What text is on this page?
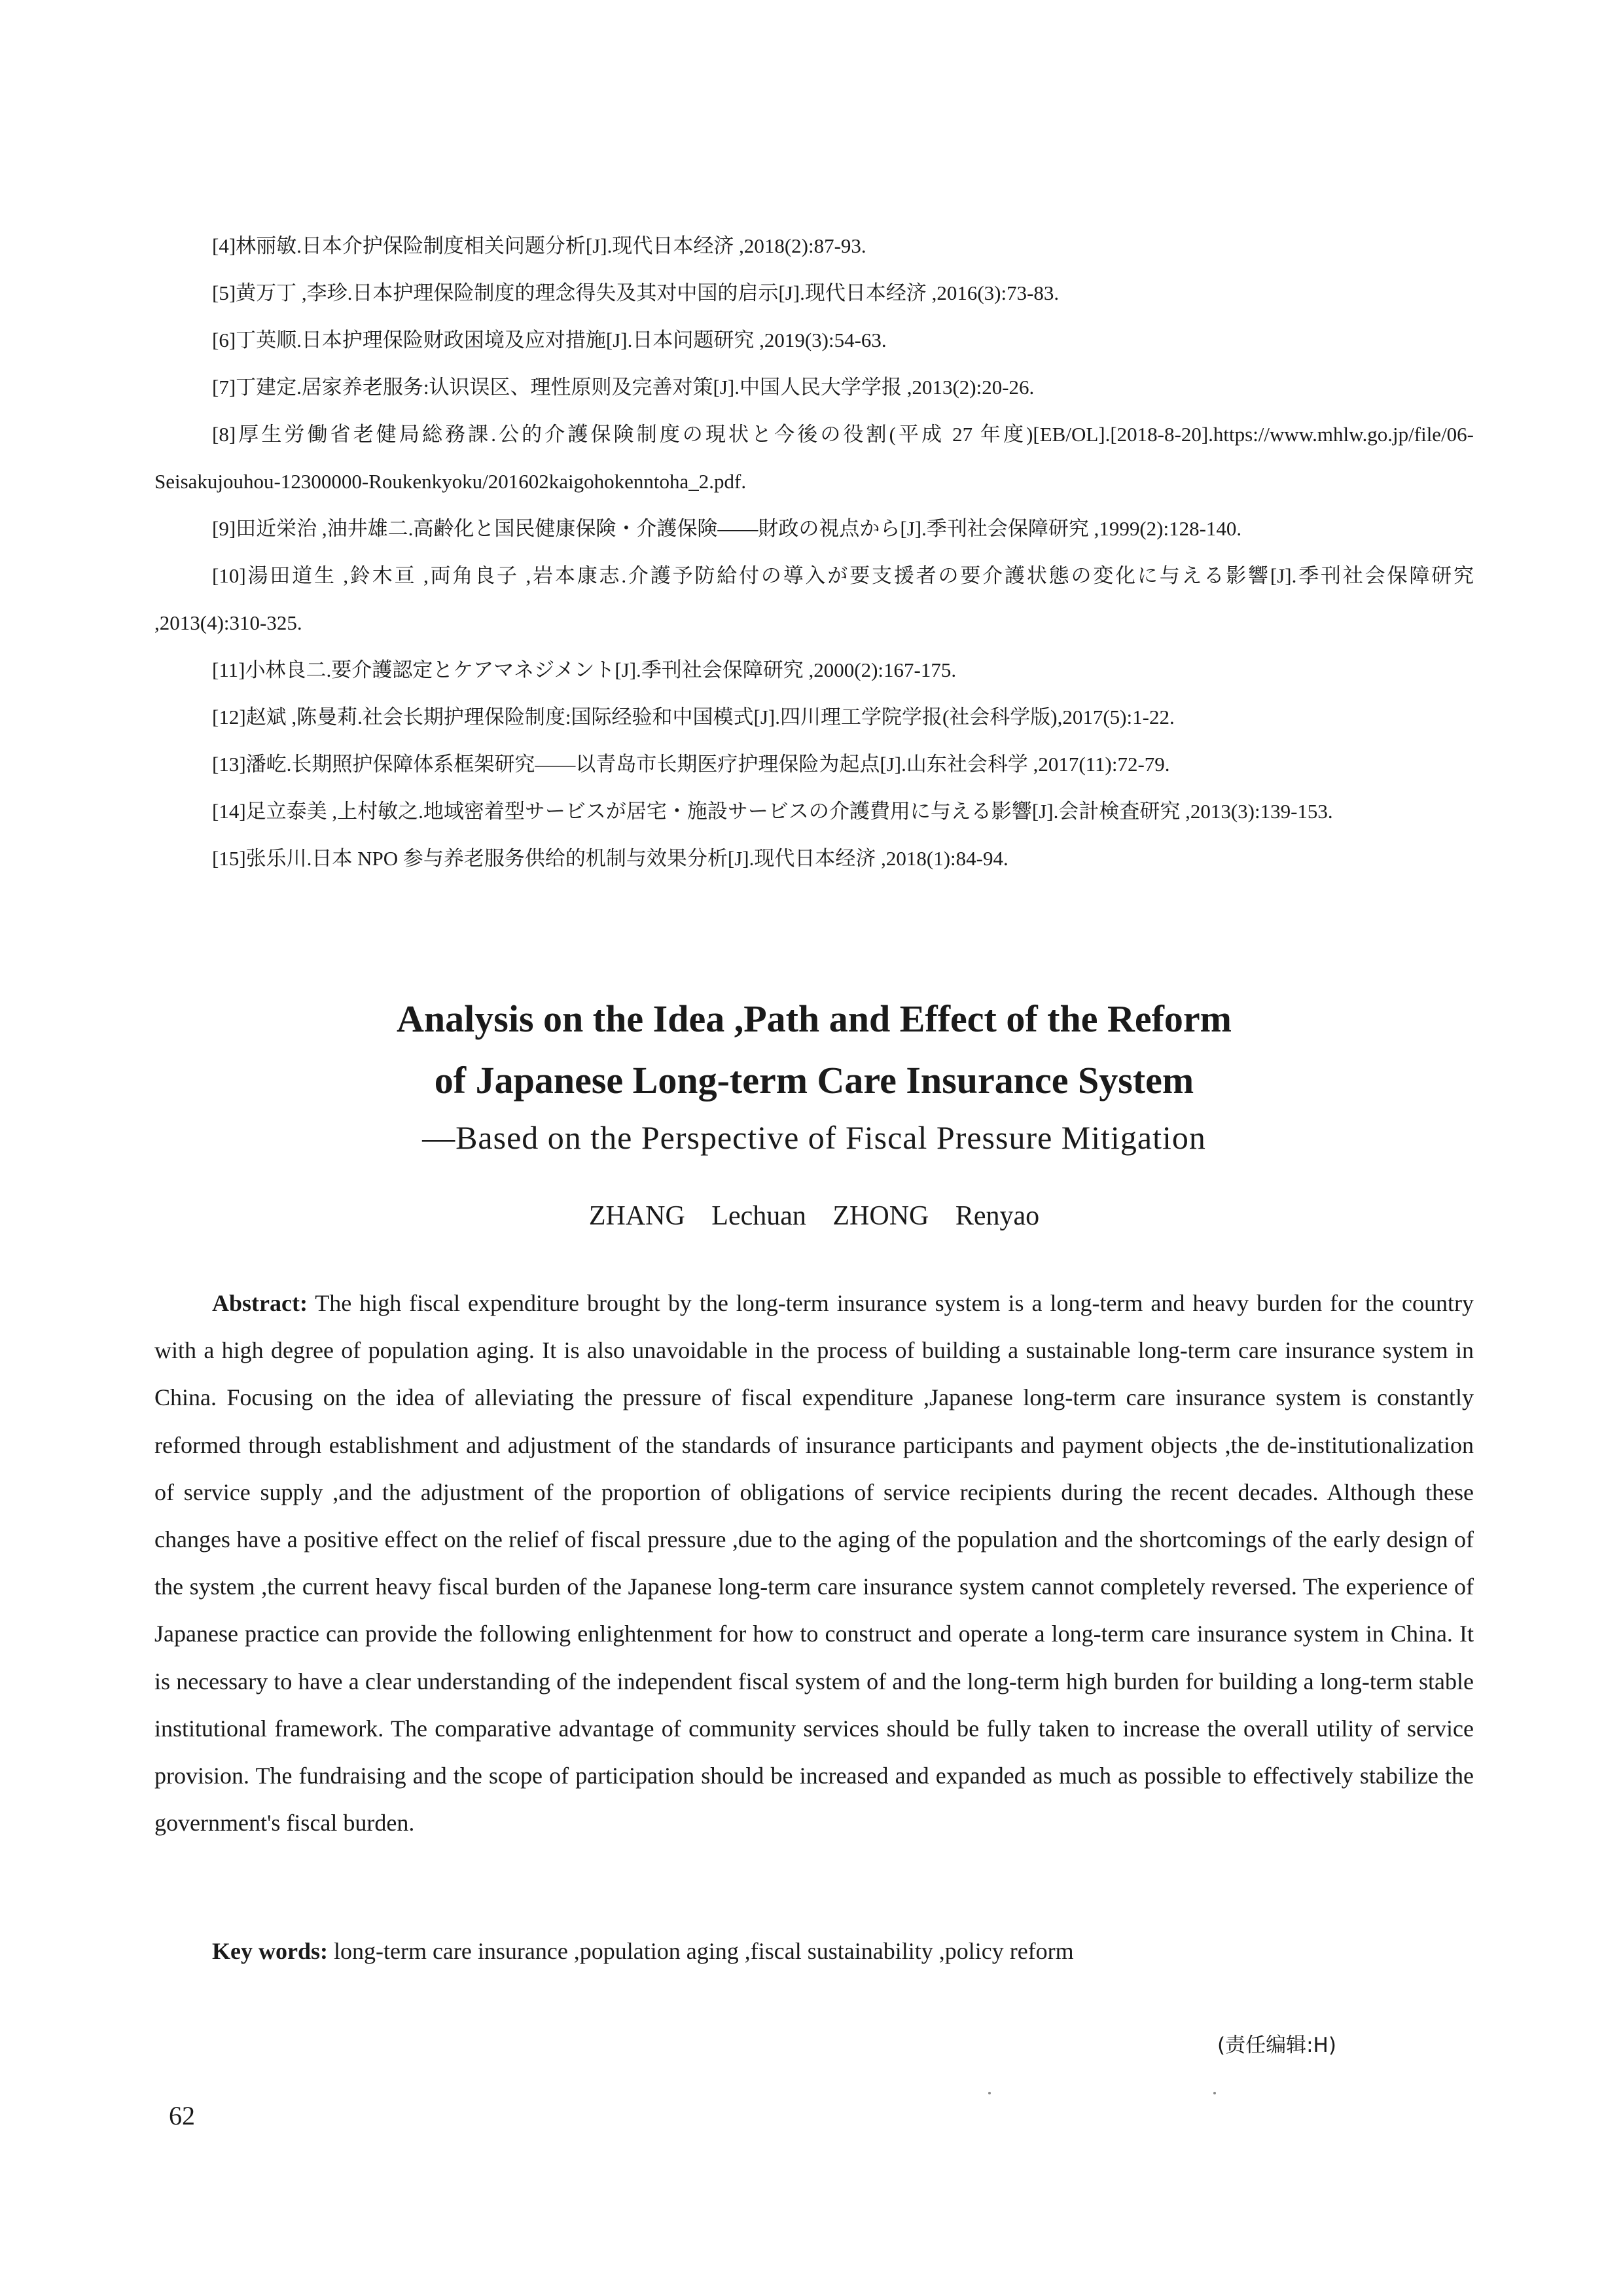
[4]林丽敏.日本介护保险制度相关问题分析[J].现代日本经济 ,2018(2):87-93.

[5]黄万丁 ,李珍.日本护理保险制度的理念得失及其对中国的启示[J].现代日本经济 ,2016(3):73-83.

[6]丁英顺.日本护理保险财政困境及应对措施[J].日本问题研究 ,2019(3):54-63.

[7]丁建定.居家养老服务:认识误区、理性原则及完善对策[J].中国人民大学学报 ,2013(2):20-26.

[8]厚生労働省老健局総務課.公的介護保険制度の現状と今後の役割(平成 27 年度)[EB/OL].[2018-8-20].https://www.mhlw.go.jp/file/06-Seisakujouhou-12300000-Roukenkyoku/201602kaigohokenntoha_2.pdf.

[9]田近栄治 ,油井雄二.高齢化と国民健康保険・介護保険——財政の視点から[J].季刊社会保障研究 ,1999(2):128-140.

[10]湯田道生 ,鈴木亘 ,両角良子 ,岩本康志.介護予防給付の導入が要支援者の要介護状態の変化に与える影響[J].季刊社会保障研究 ,2013(4):310-325.

[11]小林良二.要介護認定とケアマネジメント[J].季刊社会保障研究 ,2000(2):167-175.

[12]赵斌 ,陈曼莉.社会长期护理保险制度:国际经验和中国模式[J].四川理工学院学报(社会科学版),2017(5):1-22.

[13]潘屹.长期照护保障体系框架研究——以青岛市长期医疗护理保险为起点[J].山东社会科学 ,2017(11):72-79.

[14]足立泰美 ,上村敏之.地域密着型サービスが居宅・施設サービスの介護費用に与える影響[J].会計検査研究 ,2013(3):139-153.

[15]张乐川.日本 NPO 参与养老服务供给的机制与效果分析[J].现代日本经济 ,2018(1):84-94.

Analysis on the Idea ,Path and Effect of the Reform

of Japanese Long-term Care Insurance System

—Based on the Perspective of Fiscal Pressure Mitigation

ZHANG Lechuan ZHONG Renyao

Abstract: The high fiscal expenditure brought by the long-term insurance system is a long-term and heavy burden for the country with a high degree of population aging. It is also unavoidable in the process of building a sustainable long-term care insurance system in China. Focusing on the idea of alleviating the pressure of fiscal expenditure ,Japanese long-term care insurance system is constantly reformed through establishment and adjustment of the standards of insurance participants and payment objects ,the de-institutionalization of service supply ,and the adjustment of the proportion of obligations of service recipients during the recent decades. Although these changes have a positive effect on the relief of fiscal pressure ,due to the aging of the population and the shortcomings of the early design of the system ,the current heavy fiscal burden of the Japanese long-term care insurance system cannot completely reversed. The experience of Japanese practice can provide the following enlightenment for how to construct and operate a long-term care insurance system in China. It is necessary to have a clear understanding of the independent fiscal system of and the long-term high burden for building a long-term stable institutional framework. The comparative advantage of community services should be fully taken to increase the overall utility of service provision. The fundraising and the scope of participation should be increased and expanded as much as possible to effectively stabilize the government's fiscal burden.

Key words: long-term care insurance ,population aging ,fiscal sustainability ,policy reform

(责任编辑:H)
62
